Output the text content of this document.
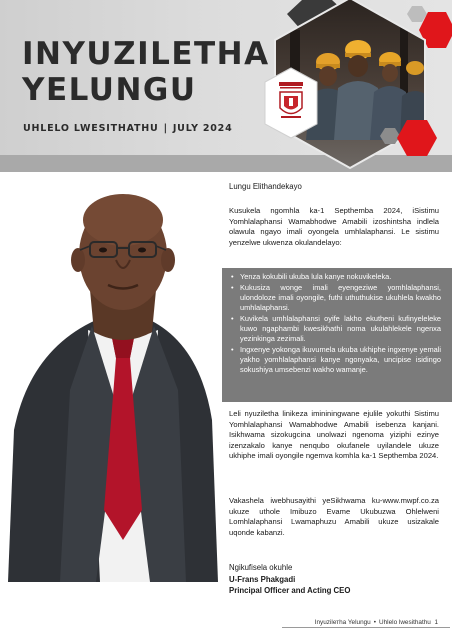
INYUZILETHA
YELUNGU
UHLELO LWESITHATHU | JULY 2024
Lungu Elithandekayo
Kusukela ngomhla ka-1 Septhemba 2024, iSistimu Yomhlalaphansi Wamabhodwe Amabili izoshintsha indlela olawula ngayo imali oyongela umhlalaphansi. Le sistimu yenzelwe ukwenza okulandelayo:
• Yenza kokubili ukuba lula kanye nokuvikeleka.
• Kukusiza wonge imali eyengeziwe yomhlalaphansi, ulondoloze imali oyongile, futhi uthuthukise ukuhlela kwakho umhlalaphansi.
• Kuvikela umhlalaphansi oyife lakho ekutheni kufinyeleleke kuwo ngaphambi kwesikhathi noma ukulahlekele ngenxa yezinkinga zezimali.
• Ingxenye yokonga ikuvumela ukuba ukhiphe ingxenye yemali yakho yomhlalaphansi kanye ngonyaka, uncipise isidingo sokushiya umsebenzi wakho wamanje.
Leli nyuzilethа linikeza imininingwane ejulile yokuthi Sistimu Yomhlalaphansi Wamabhodwe Amabili isebenza kanjani. Isikhwama sizokugcina unolwazi ngenoma yiziphi ezinye izenzakalo kanye nenqubo okufanele uyilandele ukuze ukhiphe imali oyongile ngemva komhla ka-1 Septhemba 2024.
Vakashela iwebhusayithi yeSikhwama ku-www.mwpf.co.za ukuze uthole Imibuzo Evame Ukubuzwa Ohlelweni Lomhlalaphansi Lwamaphuzu Amabili ukuze usizakale uqonde kabanzi.
Ngikufisela okuhle
U-Frans Phakgadi
Principal Officer and Acting CEO
Inyuzilетha Yelungu • Uhlelo lwesithathu 1
